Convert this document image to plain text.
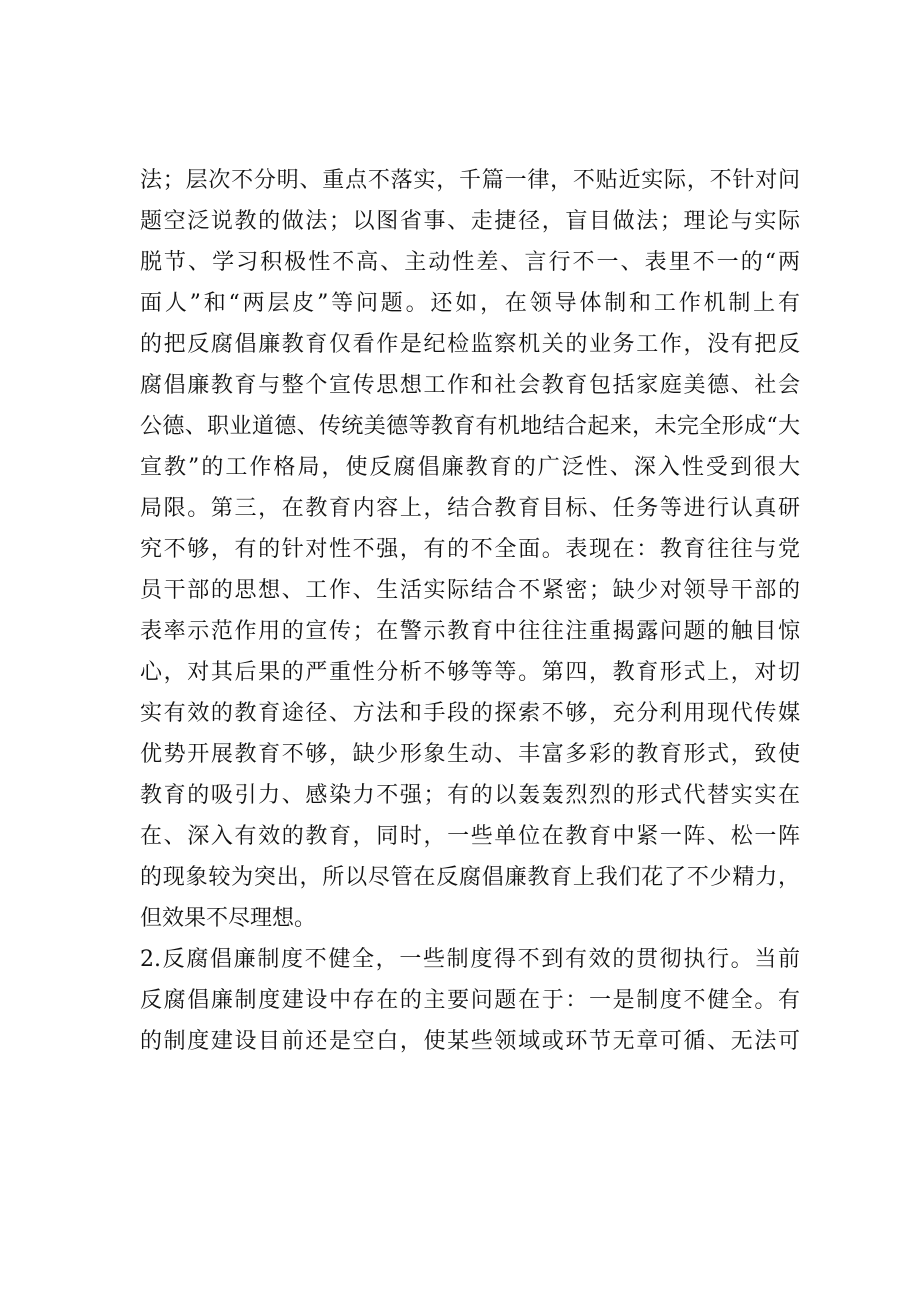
法；层次不分明、重点不落实，千篇一律，不贴近实际，不针对问
题空泛说教的做法；以图省事、走捷径，盲目做法；理论与实际
脱节、学习积极性不高、主动性差、言行不一、表里不一的“两
面人”和“两层皮”等问题。还如，在领导体制和工作机制上有
的把反腐倡廉教育仅看作是纪检监察机关的业务工作，没有把反
腐倡廉教育与整个宣传思想工作和社会教育包括家庭美德、社会
公德、职业道德、传统美德等教育有机地结合起来，未完全形成“大
宣教”的工作格局，使反腐倡廉教育的广泛性、深入性受到很大
局限。第三，在教育内容上，结合教育目标、任务等进行认真研
究不够，有的针对性不强，有的不全面。表现在：教育往往与党
员干部的思想、工作、生活实际结合不紧密；缺少对领导干部的
表率示范作用的宣传；在警示教育中往往注重揭露问题的触目惊
心，对其后果的严重性分析不够等等。第四，教育形式上，对切
实有效的教育途径、方法和手段的探索不够，充分利用现代传媒
优势开展教育不够，缺少形象生动、丰富多彩的教育形式，致使
教育的吸引力、感染力不强；有的以轰轰烈烈的形式代替实实在
在、深入有效的教育，同时，一些单位在教育中紧一阵、松一阵
的现象较为突出，所以尽管在反腐倡廉教育上我们花了不少精力，
但效果不尽理想。
2.反腐倡廉制度不健全，一些制度得不到有效的贯彻执行。当前
反腐倡廉制度建设中存在的主要问题在于：一是制度不健全。有
的制度建设目前还是空白，使某些领域或环节无章可循、无法可
